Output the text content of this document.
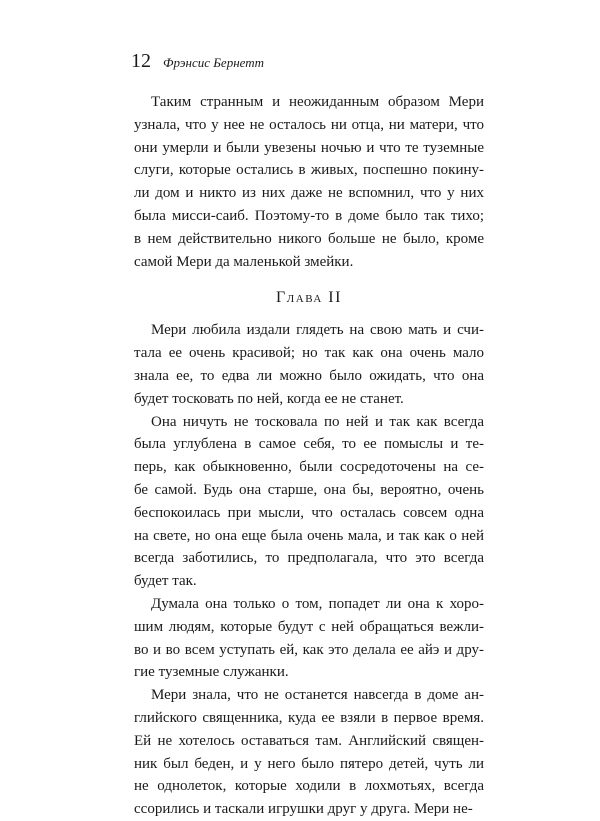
12 Фрэнсис Бернетт
Глава II
Таким странным и неожиданным образом Мери
узнала, что у нее не осталось ни отца, ни матери, что
они умерли и были увезены ночью и что те туземные
слуги, которые остались в живых, поспешно покину-
ли дом и никто из них даже не вспомнил, что у них
была мисси-саиб. Поэтому-то в доме было так тихо;
в нем действительно никого больше не было, кроме
самой Мери да маленькой змейки.
Мери любила издали глядеть на свою мать и счи-
тала ее очень красивой; но так как она очень мало
знала ее, то едва ли можно было ожидать, что она
будет тосковать по ней, когда ее не станет.
Она ничуть не тосковала по ней и так как всегда
была углублена в самое себя, то ее помыслы и те-
перь, как обыкновенно, были сосредоточены на се-
бе самой. Будь она старше, она бы, вероятно, очень
беспокоилась при мысли, что осталась совсем одна
на свете, но она еще была очень мала, и так как о ней
всегда заботились, то предполагала, что это всегда
будет так.
Думала она только о том, попадет ли она к хоро-
шим людям, которые будут с ней обращаться вежли-
во и во всем уступать ей, как это делала ее айэ и дру-
гие туземные служанки.
Мери знала, что не останется навсегда в доме ан-
глийского священника, куда ее взяли в первое время.
Ей не хотелось оставаться там. Английский священ-
ник был беден, и у него было пятеро детей, чуть ли
не однолеток, которые ходили в лохмотьях, всегда
ссорились и таскали игрушки друг у друга. Мери не-
